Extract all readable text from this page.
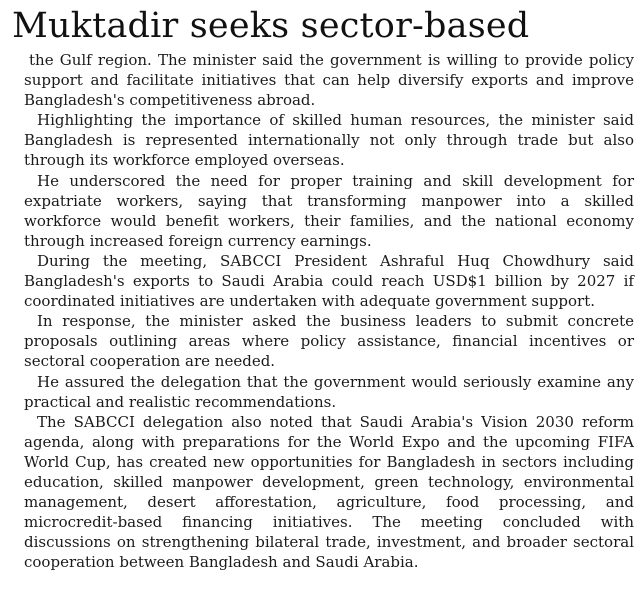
Muktadir seeks sector-based

the Gulf region. The minister said the government is willing to provide policy support and facilitate initiatives that can help diversify exports and improve Bangladesh's competitiveness abroad.

Highlighting the importance of skilled human resources, the minister said Bangladesh is represented internationally not only through trade but also through its workforce employed overseas.

He underscored the need for proper training and skill development for expatriate workers, saying that transforming manpower into a skilled workforce would benefit workers, their families, and the national economy through increased foreign currency earnings.

During the meeting, SABCCI President Ashraful Huq Chowdhury said Bangladesh's exports to Saudi Arabia could reach USD$1 billion by 2027 if coordinated initiatives are undertaken with adequate government support.

In response, the minister asked the business leaders to submit concrete proposals outlining areas where policy assistance, financial incentives or sectoral cooperation are needed.

He assured the delegation that the government would seriously examine any practical and realistic recommendations.

The SABCCI delegation also noted that Saudi Arabia's Vision 2030 reform agenda, along with preparations for the World Expo and the upcoming FIFA World Cup, has created new opportunities for Bangladesh in sectors including education, skilled manpower development, green technology, environmental management, desert afforestation, agriculture, food processing, and microcredit-based financing initiatives. The meeting concluded with discussions on strengthening bilateral trade, investment, and broader sectoral cooperation between Bangladesh and Saudi Arabia.
